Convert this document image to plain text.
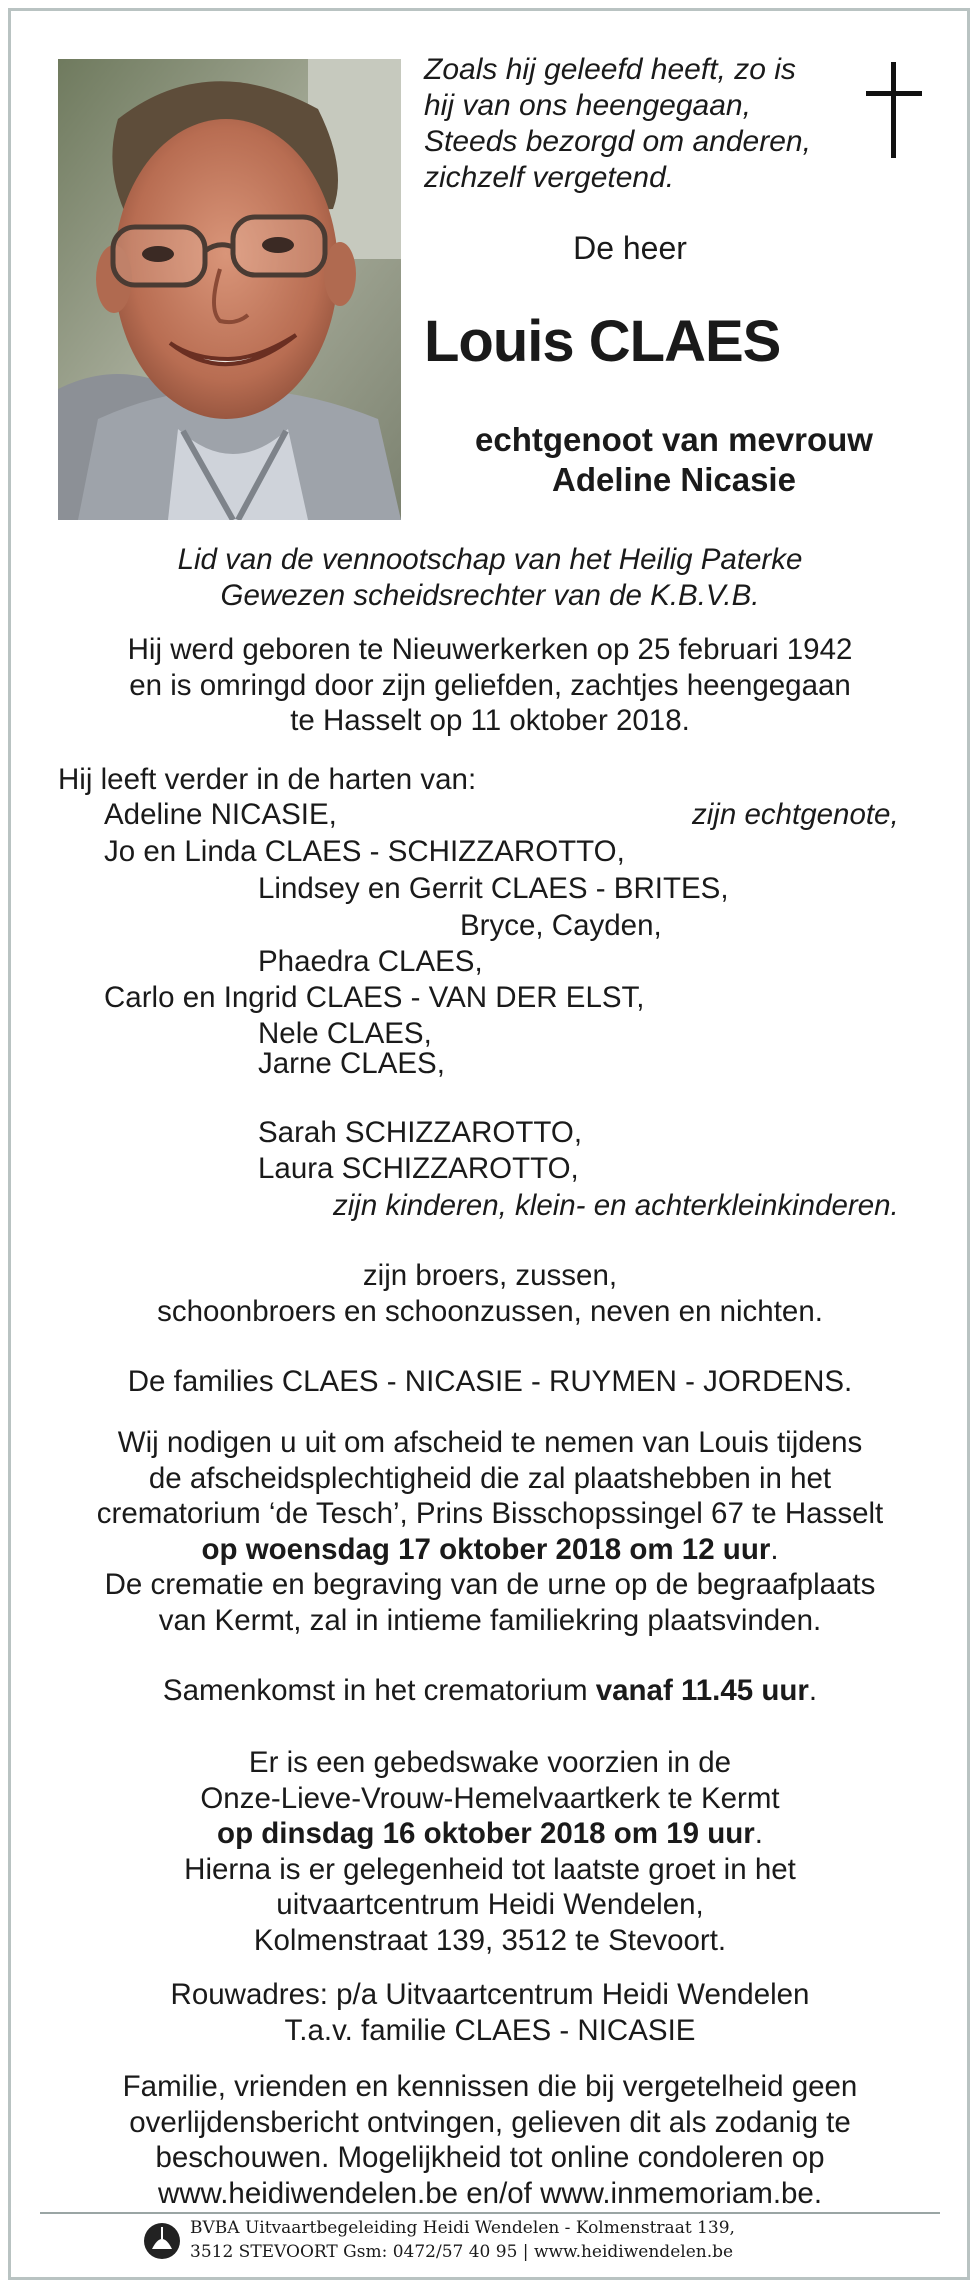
Zoals hij geleefd heeft, zo is
hij van ons heengegaan,
Steeds bezorgd om anderen,
zichzelf vergetend.
De heer
Louis CLAES
echtgenoot van mevrouw
Adeline Nicasie
Lid van de vennootschap van het Heilig Paterke
Gewezen scheidsrechter van de K.B.V.B.
Hij werd geboren te Nieuwerkerken op 25 februari 1942
en is omringd door zijn geliefden, zachtjes heengegaan
te Hasselt op 11 oktober 2018.
Hij leeft verder in de harten van:
Adeline NICASIE,	zijn echtgenote,
Jo en Linda CLAES - SCHIZZAROTTO,
Lindsey en Gerrit CLAES - BRITES,
Bryce, Cayden,
Phaedra CLAES,
Carlo en Ingrid CLAES - VAN DER ELST,
Nele CLAES,
Jarne CLAES,
Sarah SCHIZZAROTTO,
Laura SCHIZZAROTTO,
zijn kinderen, klein- en achterkleinkinderen.
zijn broers, zussen,
schoonbroers en schoonzussen, neven en nichten.
De families CLAES - NICASIE - RUYMEN - JORDENS.
Wij nodigen u uit om afscheid te nemen van Louis tijdens
de afscheidsplechtigheid die zal plaatshebben in het
crematorium ‘de Tesch’, Prins Bisschopssingel 67 te Hasselt
op woensdag 17 oktober 2018 om 12 uur.
De crematie en begraving van de urne op de begraafplaats
van Kermt, zal in intieme familiekring plaatsvinden.
Samenkomst in het crematorium vanaf 11.45 uur.
Er is een gebedswake voorzien in de
Onze-Lieve-Vrouw-Hemelvaartkerk te Kermt
op dinsdag 16 oktober 2018 om 19 uur.
Hierna is er gelegenheid tot laatste groet in het
uitvaartcentrum Heidi Wendelen,
Kolmenstraat 139, 3512 te Stevoort.
Rouwadres: p/a Uitvaartcentrum Heidi Wendelen
T.a.v. familie CLAES - NICASIE
Familie, vrienden en kennissen die bij vergetelheid geen
overlijdensbericht ontvingen, gelieven dit als zodanig te
beschouwen. Mogelijkheid tot online condoleren op
www.heidiwendelen.be en/of www.inmemoriam.be.
BVBA Uitvaartbegeleiding Heidi Wendelen - Kolmenstraat 139,
3512 STEVOORT Gsm: 0472/57 40 95 | www.heidiwendelen.be
